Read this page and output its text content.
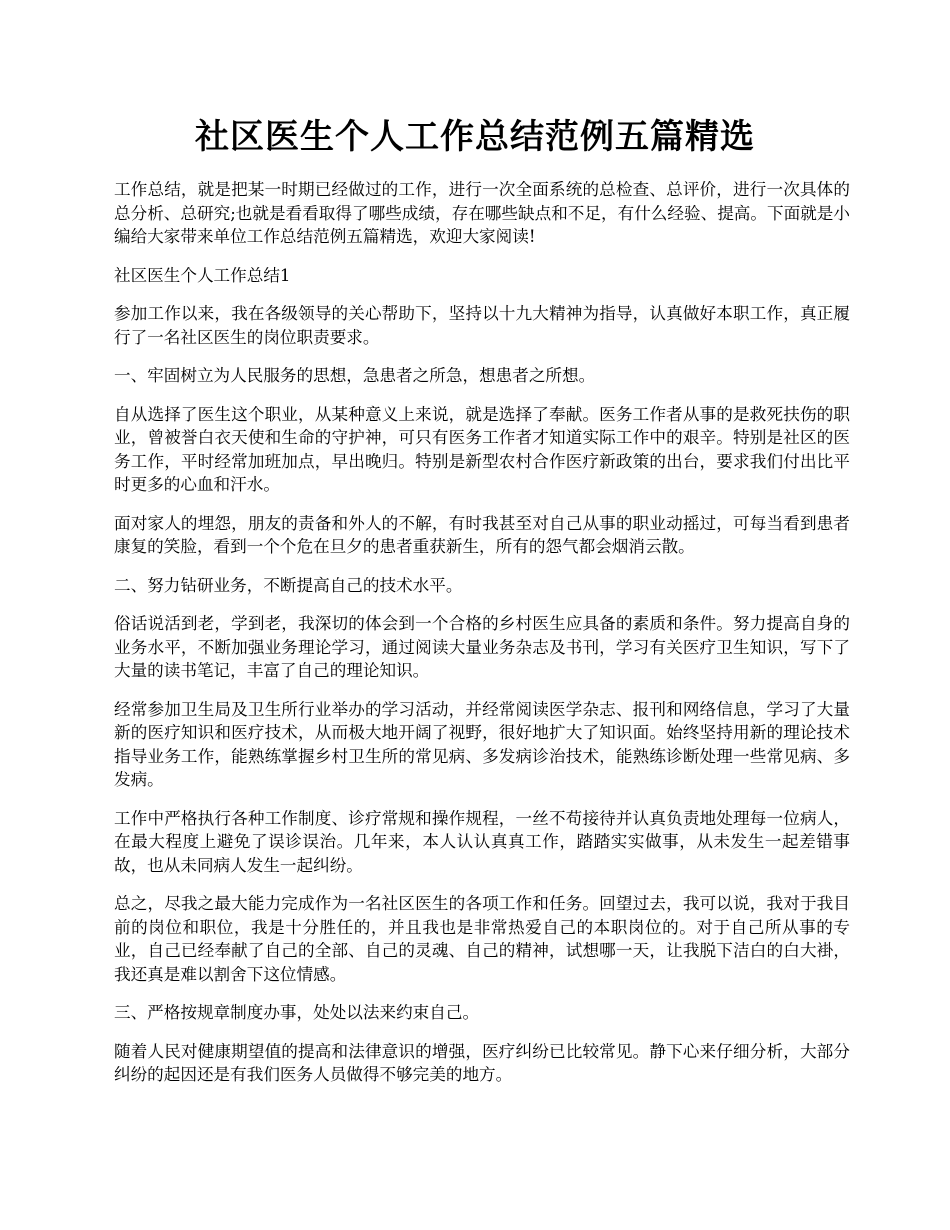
社区医生个人工作总结范例五篇精选

工作总结，就是把某一时期已经做过的工作，进行一次全面系统的总检查、总评价，进行一次具体的总分析、总研究;也就是看看取得了哪些成绩，存在哪些缺点和不足，有什么经验、提高。下面就是小编给大家带来单位工作总结范例五篇精选，欢迎大家阅读!

社区医生个人工作总结1

参加工作以来，我在各级领导的关心帮助下，坚持以十九大精神为指导，认真做好本职工作，真正履行了一名社区医生的岗位职责要求。

一、牢固树立为人民服务的思想，急患者之所急，想患者之所想。

自从选择了医生这个职业，从某种意义上来说，就是选择了奉献。医务工作者从事的是救死扶伤的职业，曾被誉白衣天使和生命的守护神，可只有医务工作者才知道实际工作中的艰辛。特别是社区的医务工作，平时经常加班加点，早出晚归。特别是新型农村合作医疗新政策的出台，要求我们付出比平时更多的心血和汗水。

面对家人的埋怨，朋友的责备和外人的不解，有时我甚至对自己从事的职业动摇过，可每当看到患者康复的笑脸，看到一个个危在旦夕的患者重获新生，所有的怨气都会烟消云散。

二、努力钻研业务，不断提高自己的技术水平。

俗话说活到老，学到老，我深切的体会到一个合格的乡村医生应具备的素质和条件。努力提高自身的业务水平，不断加强业务理论学习，通过阅读大量业务杂志及书刊，学习有关医疗卫生知识，写下了大量的读书笔记，丰富了自己的理论知识。

经常参加卫生局及卫生所行业举办的学习活动，并经常阅读医学杂志、报刊和网络信息，学习了大量新的医疗知识和医疗技术，从而极大地开阔了视野，很好地扩大了知识面。始终坚持用新的理论技术指导业务工作，能熟练掌握乡村卫生所的常见病、多发病诊治技术，能熟练诊断处理一些常见病、多发病。

工作中严格执行各种工作制度、诊疗常规和操作规程，一丝不苟接待并认真负责地处理每一位病人，在最大程度上避免了误诊误治。几年来，本人认认真真工作，踏踏实实做事，从未发生一起差错事故，也从未同病人发生一起纠纷。

总之，尽我之最大能力完成作为一名社区医生的各项工作和任务。回望过去，我可以说，我对于我目前的岗位和职位，我是十分胜任的，并且我也是非常热爱自己的本职岗位的。对于自己所从事的专业，自己已经奉献了自己的全部、自己的灵魂、自己的精神，试想哪一天，让我脱下洁白的白大褂，我还真是难以割舍下这位情感。

三、严格按规章制度办事，处处以法来约束自己。

随着人民对健康期望值的提高和法律意识的增强，医疗纠纷已比较常见。静下心来仔细分析，大部分纠纷的起因还是有我们医务人员做得不够完美的地方。
